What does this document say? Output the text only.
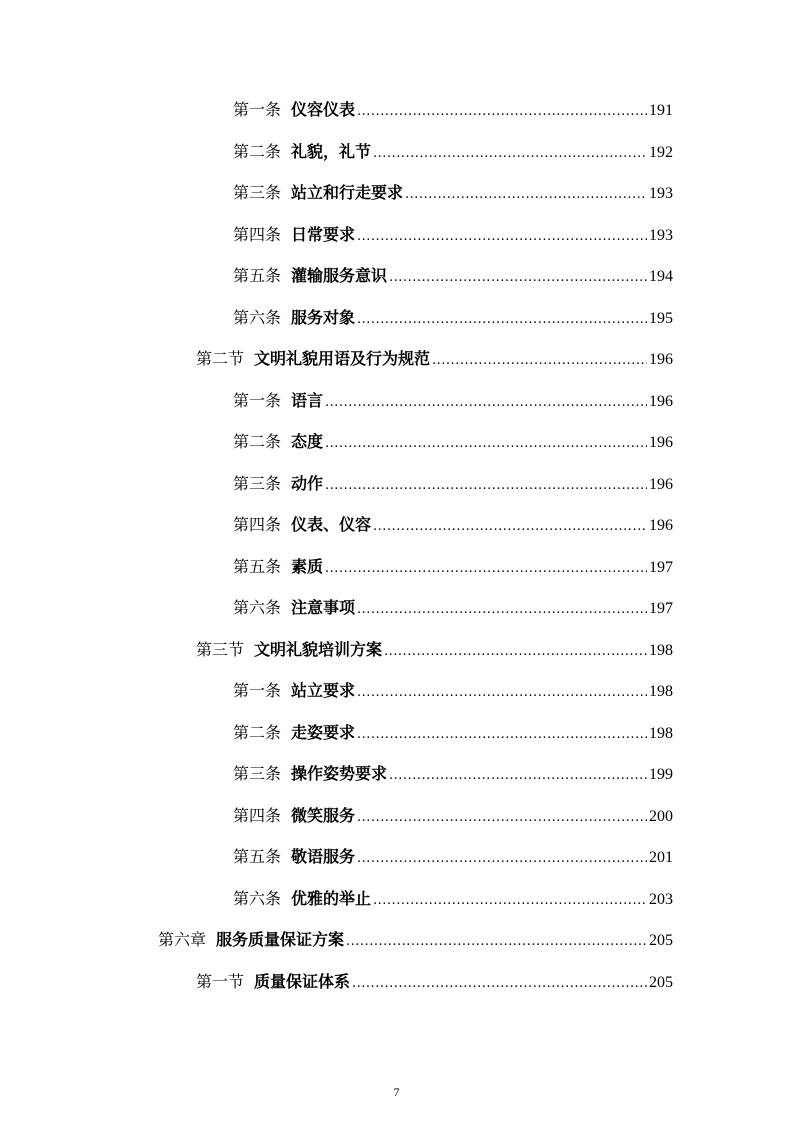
第一条 仪容仪表 .....	191
第二条 礼貌，礼节 .....	192
第三条 站立和行走要求 .....	193
第四条 日常要求 .....	193
第五条 灌输服务意识 .....	194
第六条 服务对象 .....	195
第二节 文明礼貌用语及行为规范 .....	196
第一条 语言 .....	196
第二条 态度 .....	196
第三条 动作 .....	196
第四条 仪表、仪容 .....	196
第五条 素质 .....	197
第六条 注意事项 .....	197
第三节 文明礼貌培训方案 .....	198
第一条 站立要求 .....	198
第二条 走姿要求 .....	198
第三条 操作姿势要求 .....	199
第四条 微笑服务 .....	200
第五条 敬语服务 .....	201
第六条 优雅的举止 .....	203
第六章 服务质量保证方案 .....	205
第一节 质量保证体系 .....	205
7
